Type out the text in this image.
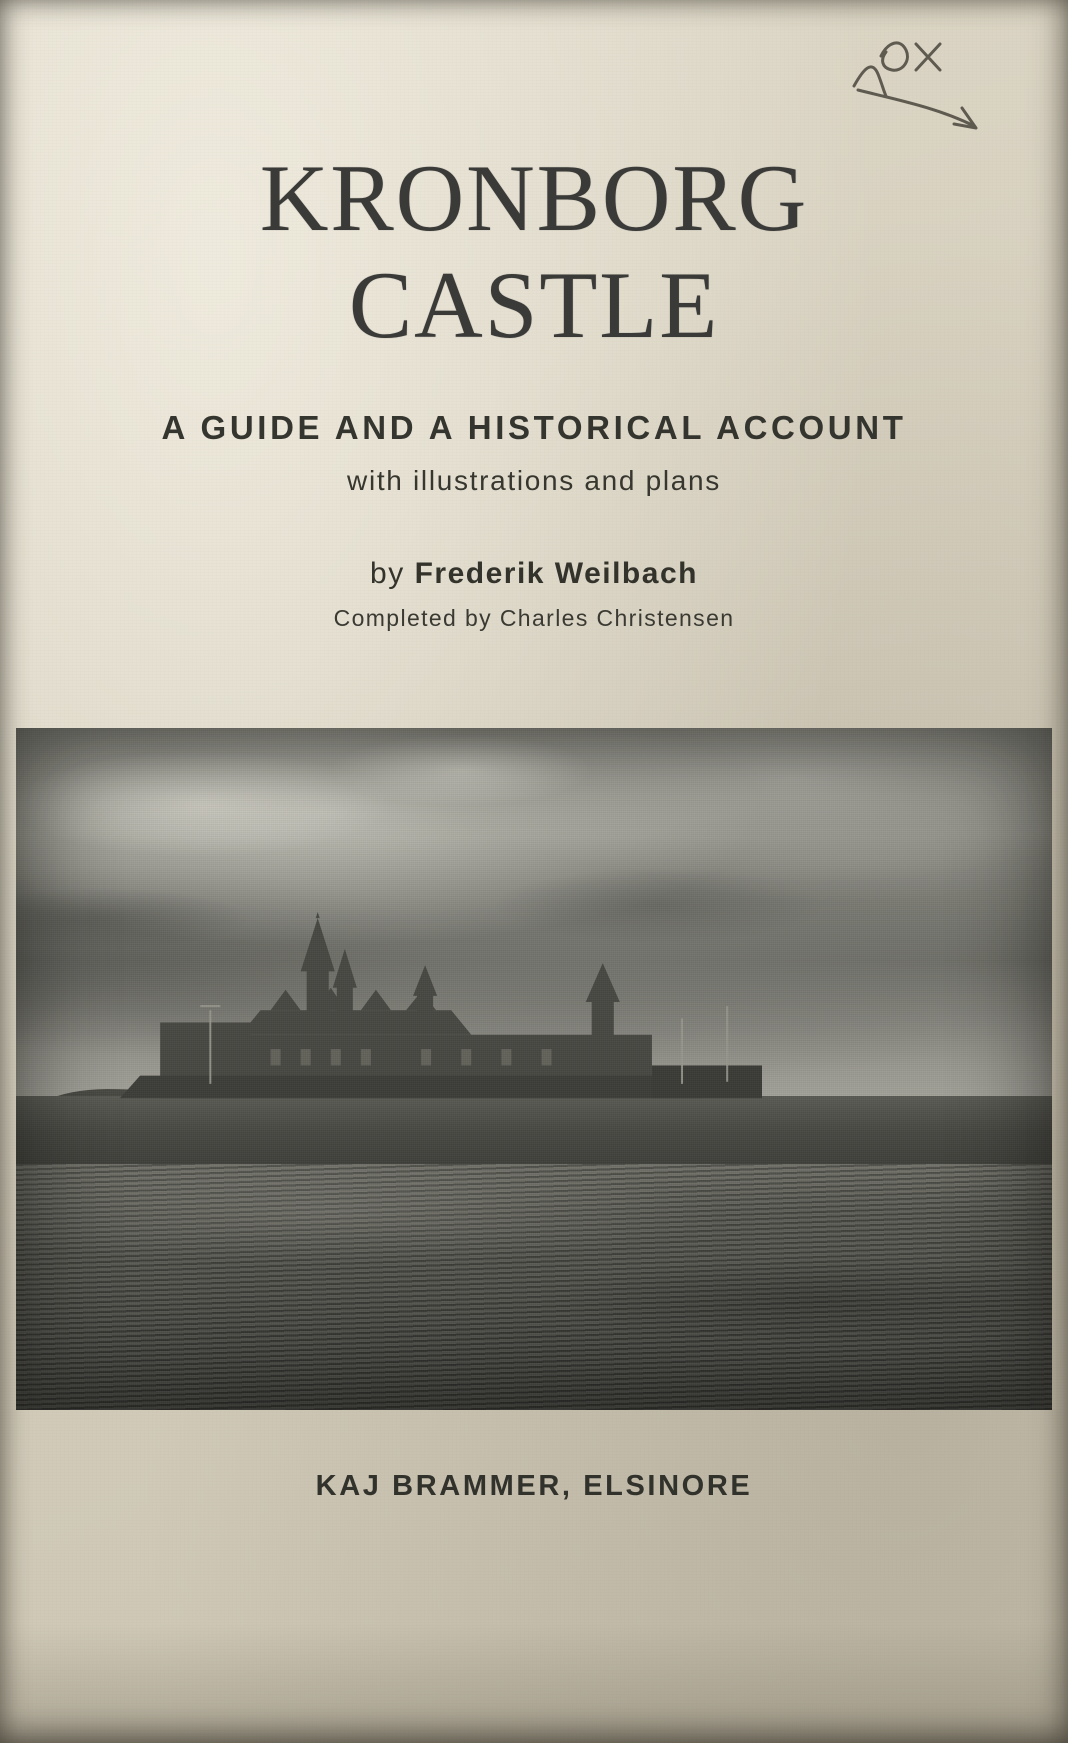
KRONBORG
CASTLE
A GUIDE AND A HISTORICAL ACCOUNT
with illustrations and plans
by Frederik Weilbach
Completed by Charles Christensen
KAJ BRAMMER, ELSINORE
